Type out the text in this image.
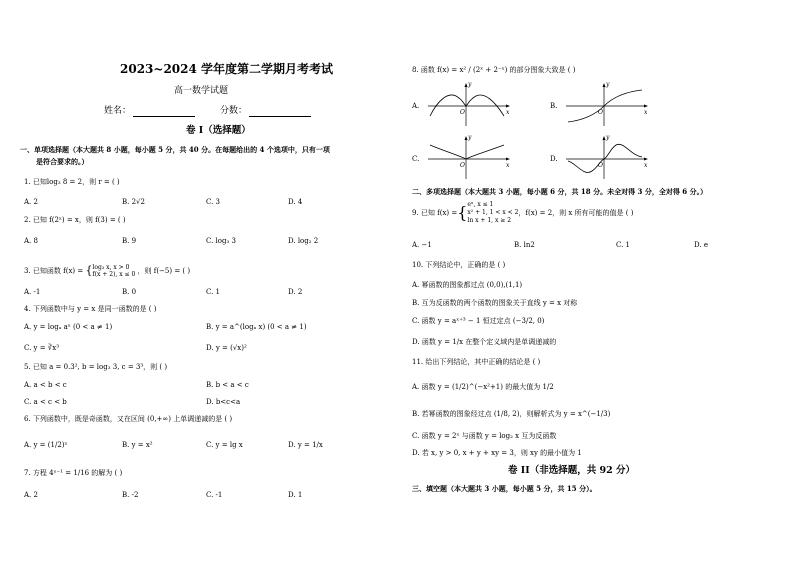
2023~2024 学年度第二学期月考考试
高一数学试题
姓名：	分数：
卷 I（选择题）
一、单项选择题（本大题共 8 小题，每小题 5 分，共 40 分。在每题给出的 4 个选项中，只有一项
是符合要求的。）
1. 已知log₃ 8 = 2，则 r = ( )
A. 2	B. 2√2	C. 3	D. 4
2. 已知 f(2ˣ) = x，则 f(3) = ( )
A. 8	B. 9	C. log₃ 3	D. log₂ 2
3. 已知函数 f(x) = {log₃ x, x > 0
f(x + 2), x ≤ 0 ，则 f(−5) = ( )
A. -1	B. 0	C. 1	D. 2
4. 下列函数中与 y = x 是同一函数的是 ( )
A. y = logₐ aˣ (0 < a ≠ 1)	B. y = a^(logₐ x) (0 < a ≠ 1)
C. y = ∛x³	D. y = (√x)²
5. 已知 a = 0.3², b = log₃ 3, c = 3³，则 ( )
A. a < b < c	B. b < a < c
C. a < c < b	D. b<c<a
6. 下列函数中，既是奇函数，又在区间 (0,+∞) 上单调递减的是 ( )
A. y = (1/2)ˣ	B. y = x²	C. y = lg x	D. y = 1/x
7. 方程 4ˣ⁻¹ = 1/16 的解为 ( )
A. 2	B. -2	C. -1	D. 1
8. 函数 f(x) = x² / (2ˣ + 2⁻ˣ) 的部分图象大致是 ( )
A.
O	x
y
B.
O	x
y
C.
O	x
y
D.
O	x
y
二、多项选择题（本大题共 3 小题，每小题 6 分，共 18 分。未全对得 3 分，全对得 6 分。）
9. 已知 f(x) ={eˣ, x ≤ 1
x² + 1, 1 < x < 2
ln x + 1, x ≥ 2，f(x) = 2，则 x 所有可能的值是 ( )
A. −1	B. ln2	C. 1	D. e
10. 下列结论中，正确的是 ( )
A. 幂函数的图象都过点 (0,0),(1,1)
B. 互为反函数的两个函数的图象关于直线 y = x 对称
C. 函数 y = aˣ⁺³ − 1 恒过定点 (−3/2, 0)
D. 函数 y = 1/x 在整个定义域内是单调递减的
11. 给出下列结论，其中正确的结论是 ( )
A. 函数 y = (1/2)^(−x²+1) 的最大值为 1/2
B. 若幂函数的图象经过点 (1/8, 2)，则解析式为 y = x^(−1/3)
C. 函数 y = 2ˣ 与函数 y = log₂ x 互为反函数
D. 若 x, y > 0, x + y + xy = 3，则 xy 的最小值为 1
卷 II（非选择题，共 92 分）
三、填空题（本大题共 3 小题，每小题 5 分，共 15 分）。
